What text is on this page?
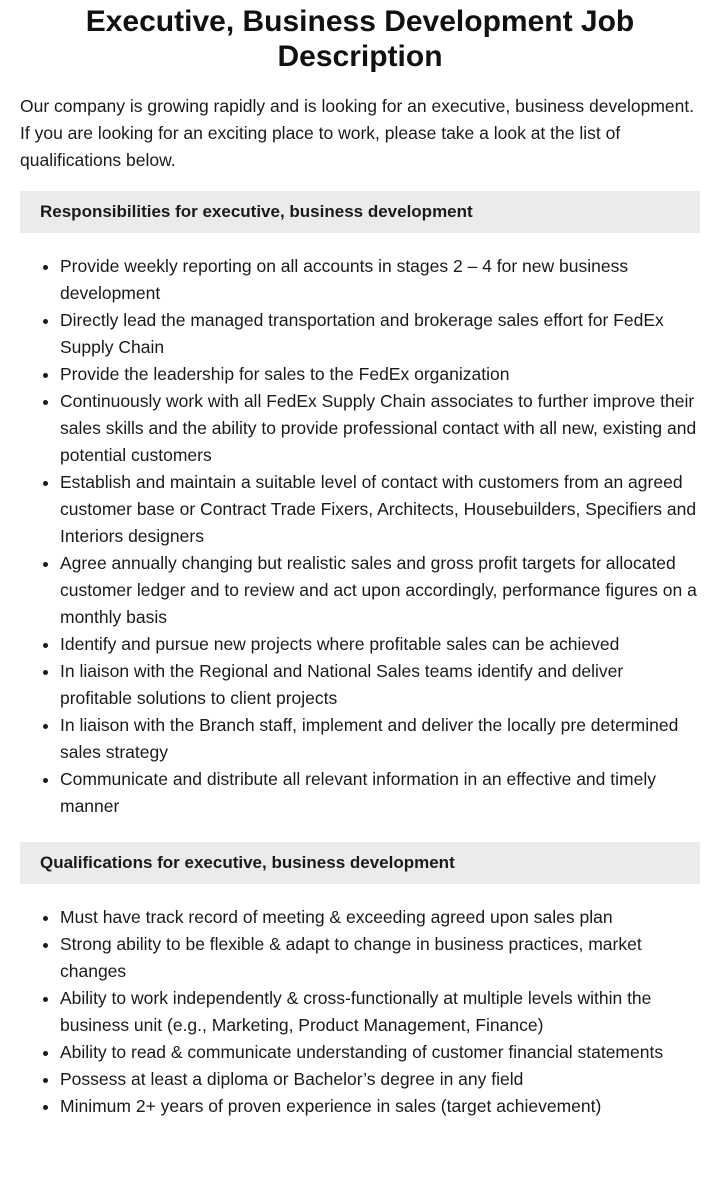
Executive, Business Development Job Description

Our company is growing rapidly and is looking for an executive, business development. If you are looking for an exciting place to work, please take a look at the list of qualifications below.

Responsibilities for executive, business development
• Provide weekly reporting on all accounts in stages 2 – 4 for new business development
• Directly lead the managed transportation and brokerage sales effort for FedEx Supply Chain
• Provide the leadership for sales to the FedEx organization
• Continuously work with all FedEx Supply Chain associates to further improve their sales skills and the ability to provide professional contact with all new, existing and potential customers
• Establish and maintain a suitable level of contact with customers from an agreed customer base or Contract Trade Fixers, Architects, Housebuilders, Specifiers and Interiors designers
• Agree annually changing but realistic sales and gross profit targets for allocated customer ledger and to review and act upon accordingly, performance figures on a monthly basis
• Identify and pursue new projects where profitable sales can be achieved
• In liaison with the Regional and National Sales teams identify and deliver profitable solutions to client projects
• In liaison with the Branch staff, implement and deliver the locally pre determined sales strategy
• Communicate and distribute all relevant information in an effective and timely manner
Qualifications for executive, business development
• Must have track record of meeting & exceeding agreed upon sales plan
• Strong ability to be flexible & adapt to change in business practices, market changes
• Ability to work independently & cross-functionally at multiple levels within the business unit (e.g., Marketing, Product Management, Finance)
• Ability to read & communicate understanding of customer financial statements
• Possess at least a diploma or Bachelor’s degree in any field
• Minimum 2+ years of proven experience in sales (target achievement)
